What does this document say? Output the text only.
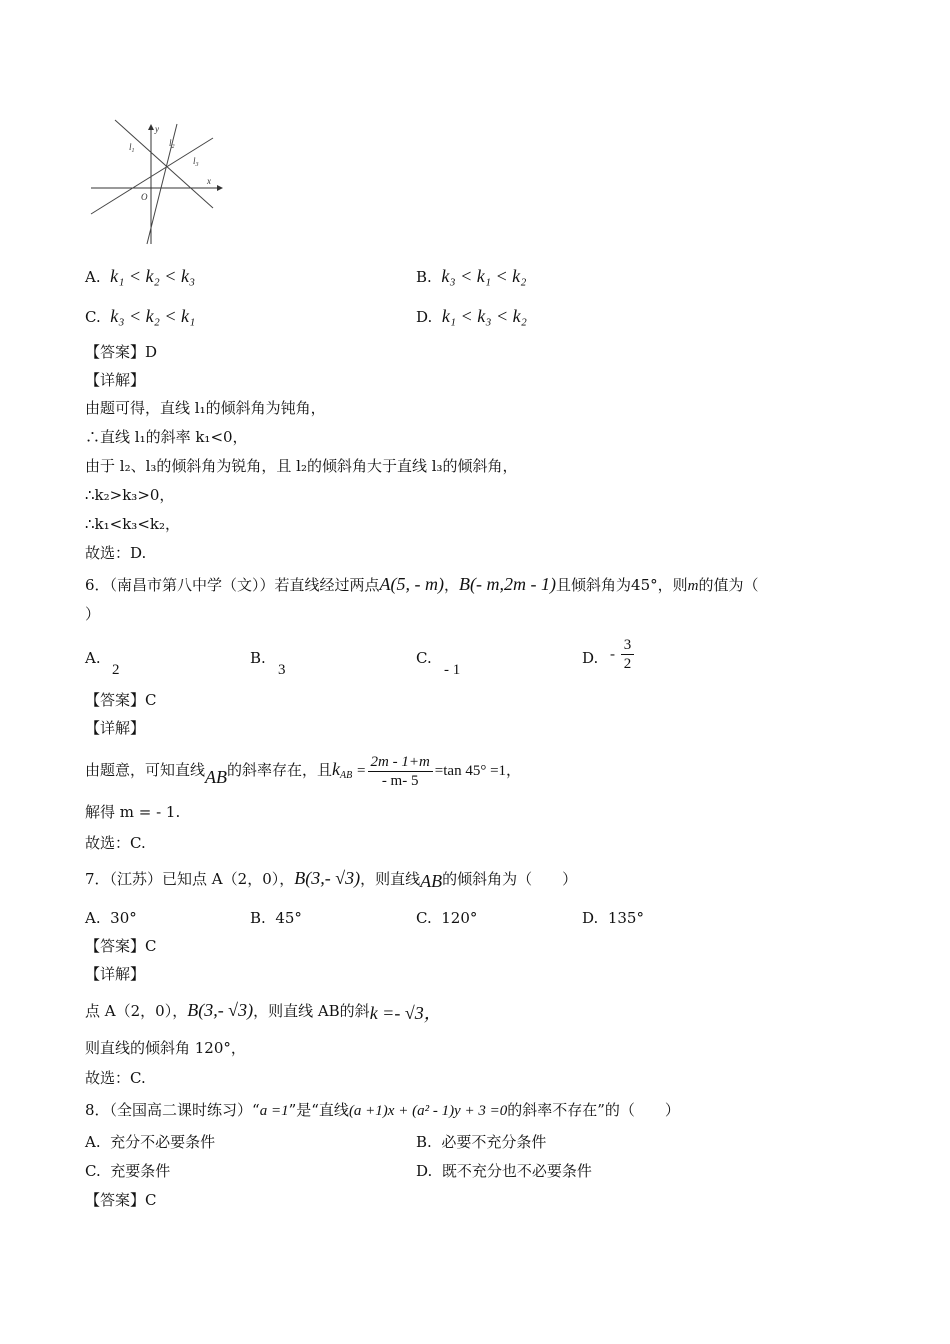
$l_1$
$l_2$
$l_3$
x
y
O
A. k₁ < k₂ < k₃	B. k₃ < k₁ < k₂
C. k₃ < k₂ < k₁	D. k₁ < k₃ < k₂
【答案】D
【详解】
由题可得，直线 l₁的倾斜角为钝角，
∴直线 l₁的斜率 k₁<0，
由于 l₂、l₃的倾斜角为锐角，且 l₂的倾斜角大于直线 l₃的倾斜角，
∴k₂>k₃>0，
∴k₁<k₃<k₂，
故选：D.
6．（南昌市第八中学（文））若直线经过两点A(5, - m)，B(- m,2m - 1)且倾斜角为45°，则m的值为（
）
A.
2
B.
3
C.
- 1
D. - $\frac{3}{2}$
【答案】C
【详解】
由题意，可知直线AB的斜率存在，且$k_{AB} = \frac{2m - 1+m}{- m- 5} =\tan$ 45° =1，
解得 m = - 1.
故选：C.
7．（江苏）已知点 A（2，0），B(3,- √3)，则直线AB的倾斜角为（　　）
A. 30°	B. 45°	C. 120°	D. 135°
【答案】C
【详解】
点 A（2，0），B(3,- √3)，则直线 AB的斜k =- √3，
则直线的倾斜角 120°，
故选：C.
8．（全国高二课时练习）“a =1”是“直线(a +1)x + (a² - 1)y + 3 =0的斜率不存在”的（　　）
A. 充分不必要条件	B. 必要不充分条件
C. 充要条件	D. 既不充分也不必要条件
【答案】C
